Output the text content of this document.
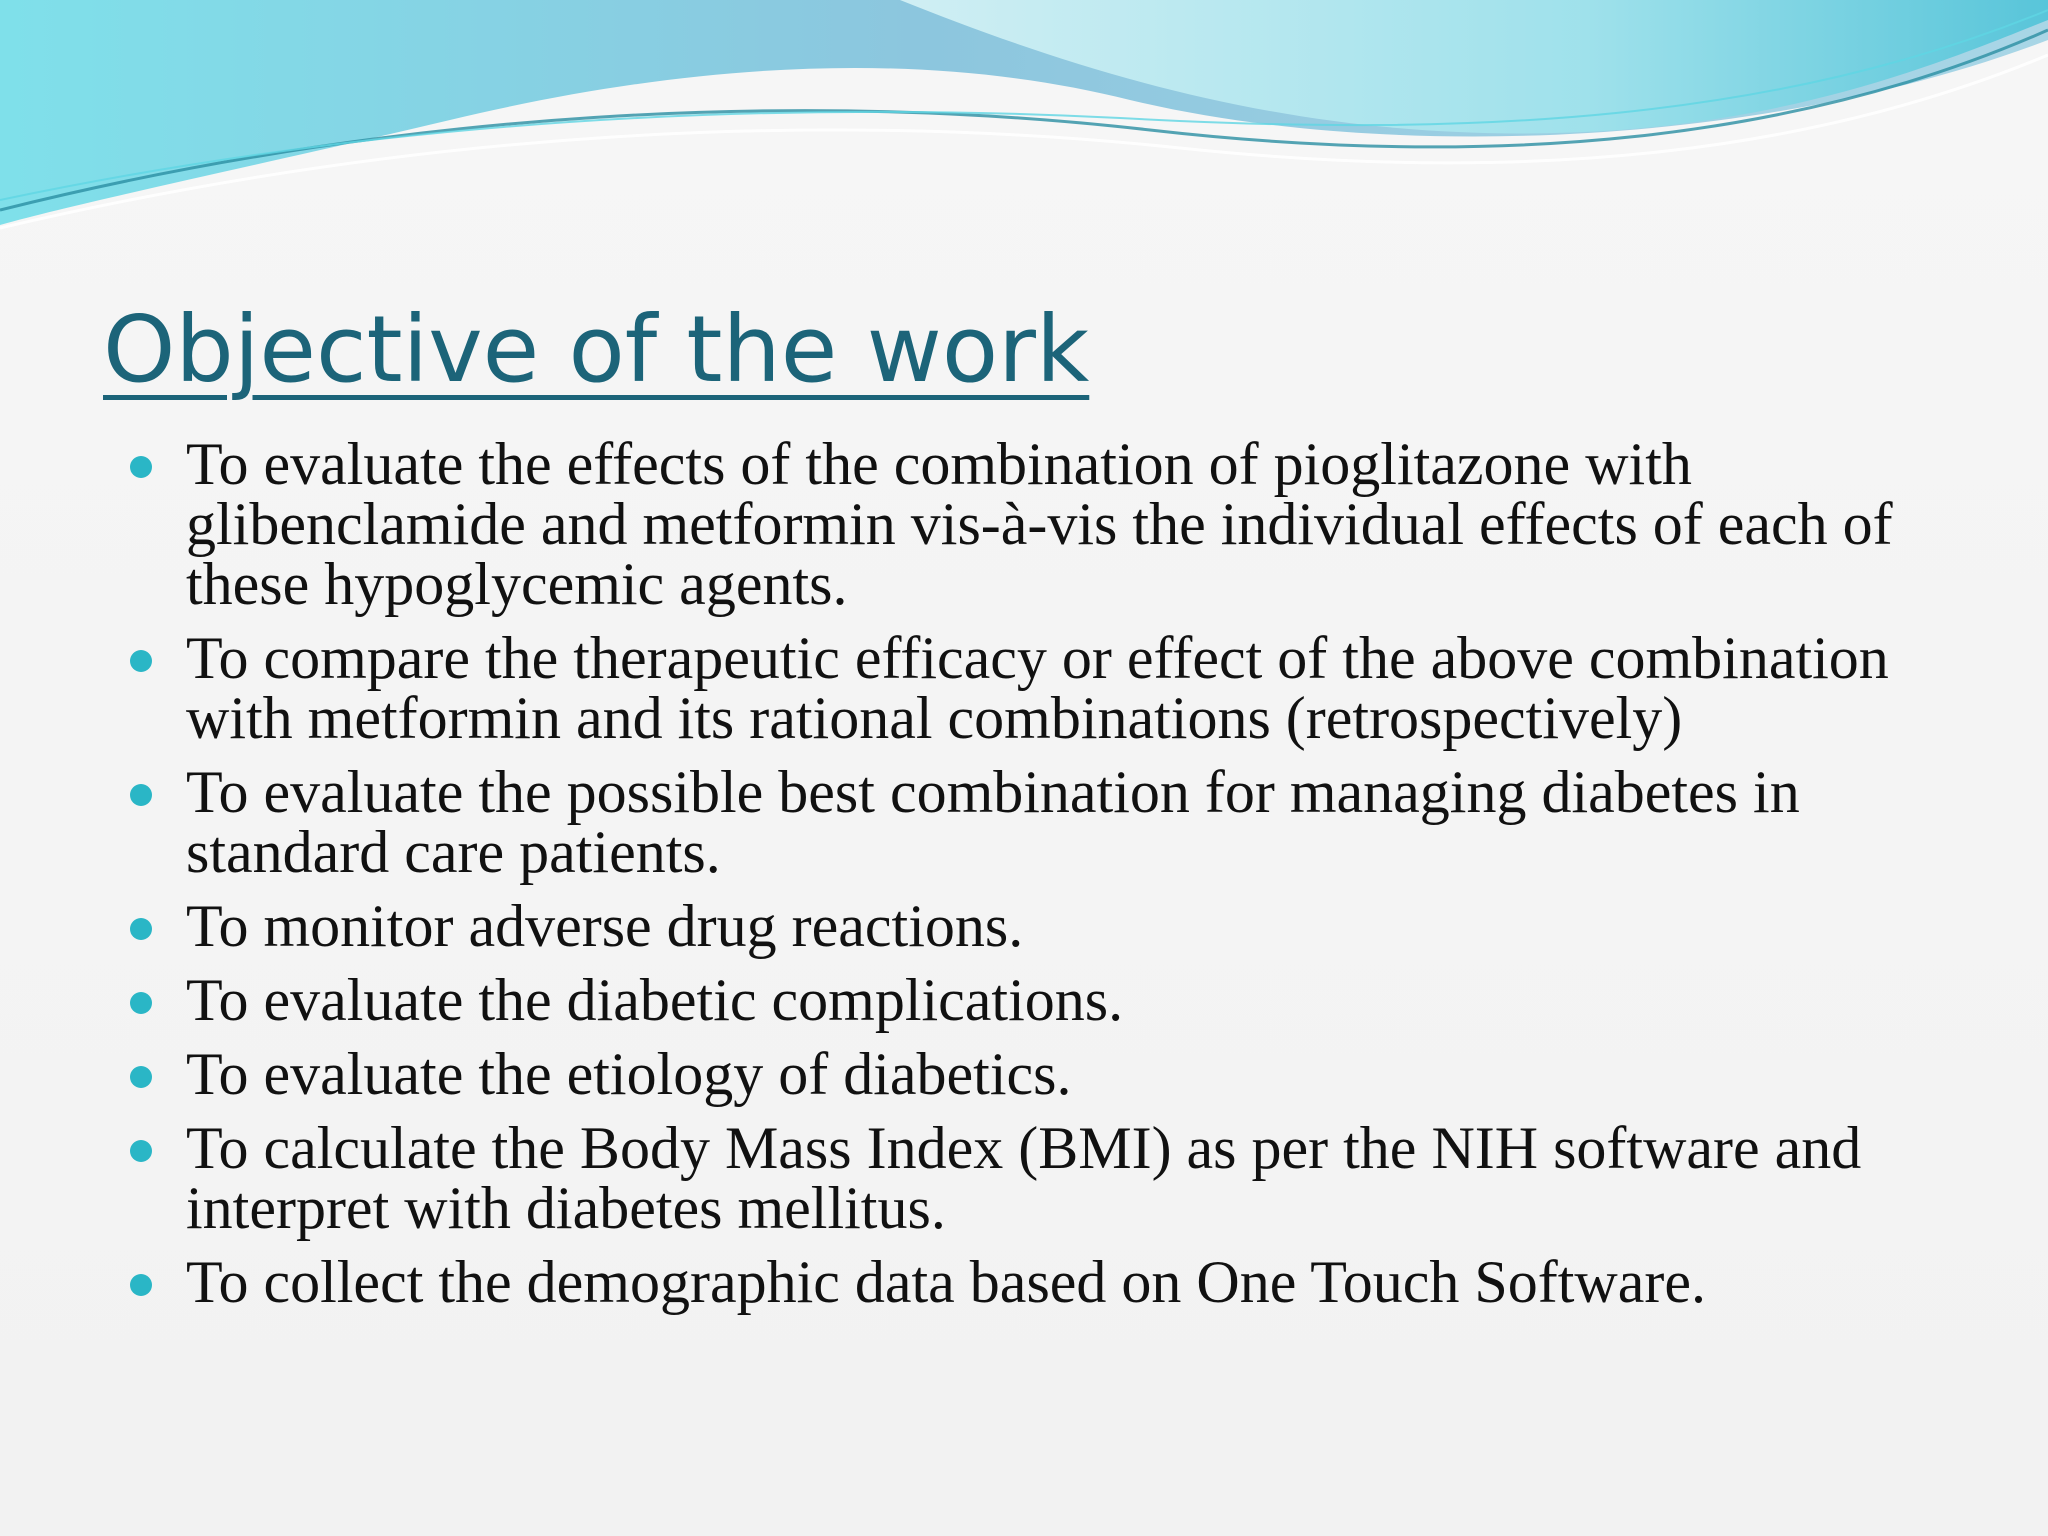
Objective of the work
To evaluate the effects of the combination of pioglitazone with glibenclamide and metformin vis-à-vis the individual effects of each of these hypoglycemic agents.
To compare the therapeutic efficacy or effect of the above combination with metformin and its rational combinations (retrospectively)
To evaluate the possible best combination for managing diabetes in standard care patients.
To monitor adverse drug reactions.
To evaluate the diabetic complications.
To evaluate the etiology of diabetics.
To calculate the Body Mass Index (BMI) as per the NIH software and interpret with diabetes mellitus.
To collect the demographic data based on One Touch Software.
